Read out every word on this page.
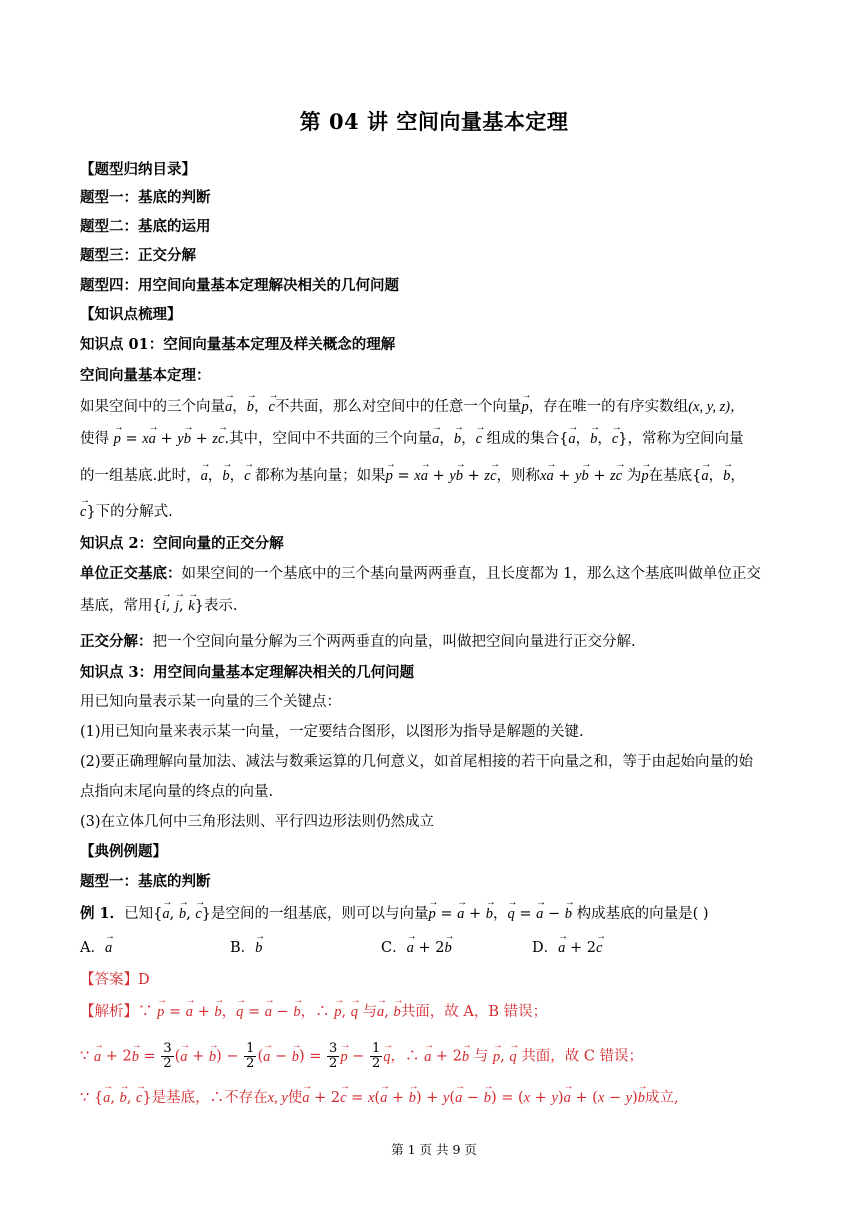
第 04 讲 空间向量基本定理
【题型归纳目录】
题型一：基底的判断
题型二：基底的运用
题型三：正交分解
题型四：用空间向量基本定理解决相关的几何问题
【知识点梳理】
知识点 01：空间向量基本定理及样关概念的理解
空间向量基本定理：
如果空间中的三个向量→ a，→ b，→ c不共面，那么对空间中的任意一个向量→ p，存在唯一的有序实数组(x, y, z)，
使得 → p = x→ a + y→ b + z→ c.其中，空间中不共面的三个向量→ a，→ b，→ c 组成的集合{→ a，→ b，→ c}，常称为空间向量
的一组基底.此时，→ a，→ b，→ c 都称为基向量；如果→ p = x→ a + y→ b + z→ c，则称x→ a + y→ b + z→ c 为→ p在基底{→ a，→ b，
→ c}下的分解式.
知识点 2：空间向量的正交分解
单位正交基底：如果空间的一个基底中的三个基向量两两垂直，且长度都为 1，那么这个基底叫做单位正交
基底，常用{→ i, → j, → k}表示.
正交分解：把一个空间向量分解为三个两两垂直的向量，叫做把空间向量进行正交分解.
知识点 3：用空间向量基本定理解决相关的几何问题
用已知向量表示某一向量的三个关键点：
(1)用已知向量来表示某一向量，一定要结合图形，以图形为指导是解题的关键.
(2)要正确理解向量加法、减法与数乘运算的几何意义，如首尾相接的若干向量之和，等于由起始向量的始
点指向末尾向量的终点的向量.
(3)在立体几何中三角形法则、平行四边形法则仍然成立
【典例例题】
题型一：基底的判断
例 1．已知{→ a, → b, → c}是空间的一组基底，则可以与向量→ p = → a + → b，→ q = → a − → b 构成基底的向量是( )
A．→ a	B．→ b	C．→ a + 2→ b	D．→ a + 2→ c
【答案】D
【解析】∵ → p = → a + → b，→ q = → a − → b，∴ → p, → q 与→ a, → b共面，故 A，B 错误；
∵ → $a + 2\to b = \frac{3}{2}$ (→ a + → $b) - \frac{1}{2}$ (→ a − → $b) = \frac{3}{2}$
→ $p - \frac{1}{2}$
→ q，∴ → a + 2→ b 与 → p, → q 共面，故 C 错误；
∵ {→ a, → b, → c}是基底，∴不存在x, y使→ a + 2→ c = x(→ a + → b) + y(→ a − → b) = (x + y)→ a + (x − y)→ b成立,
第 1 页 共 9 页
